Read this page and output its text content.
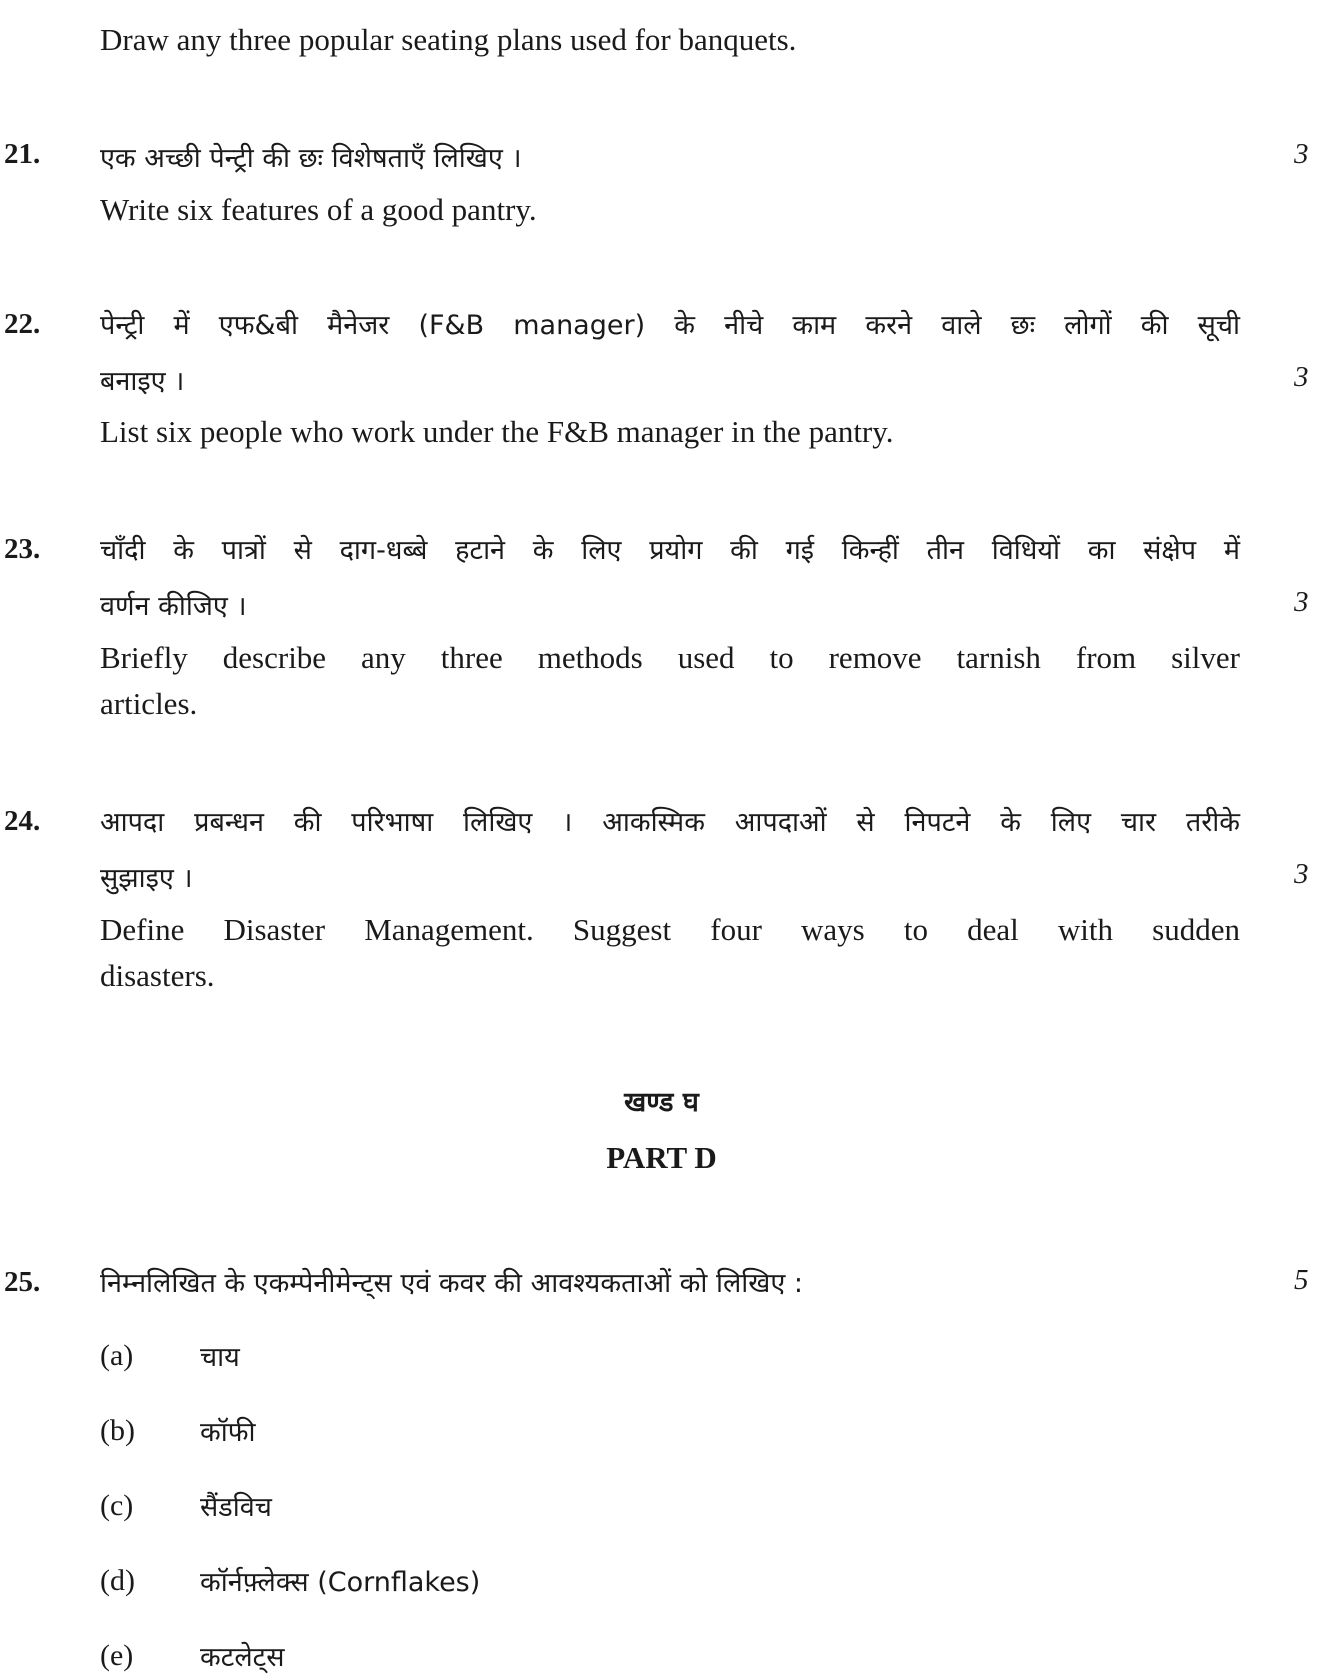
Draw any three popular seating plans used for banquets.
21. एक अच्छी पेन्ट्री की छः विशेषताएँ लिखिए ।	3
Write six features of a good pantry.
22. पेन्ट्री में एफ&बी मैनेजर (F&B manager) के नीचे काम करने वाले छः लोगों की सूची
बनाइए ।	3
List six people who work under the F&B manager in the pantry.
23. चाँदी के पात्रों से दाग-धब्बे हटाने के लिए प्रयोग की गई किन्हीं तीन विधियों का संक्षेप में
वर्णन कीजिए ।	3
Briefly describe any three methods used to remove tarnish from silver
articles.
24. आपदा प्रबन्धन की परिभाषा लिखिए । आकस्मिक आपदाओं से निपटने के लिए चार तरीके
सुझाइए ।	3
Define Disaster Management. Suggest four ways to deal with sudden
disasters.
खण्ड घ
PART D
25. निम्नलिखित के एकम्पेनीमेन्ट्स एवं कवर की आवश्यकताओं को लिखिए :	5
(a) चाय
(b) कॉफी
(c) सैंडविच
(d) कॉर्नफ़्लेक्स (Cornflakes)
(e) कटलेट्स
